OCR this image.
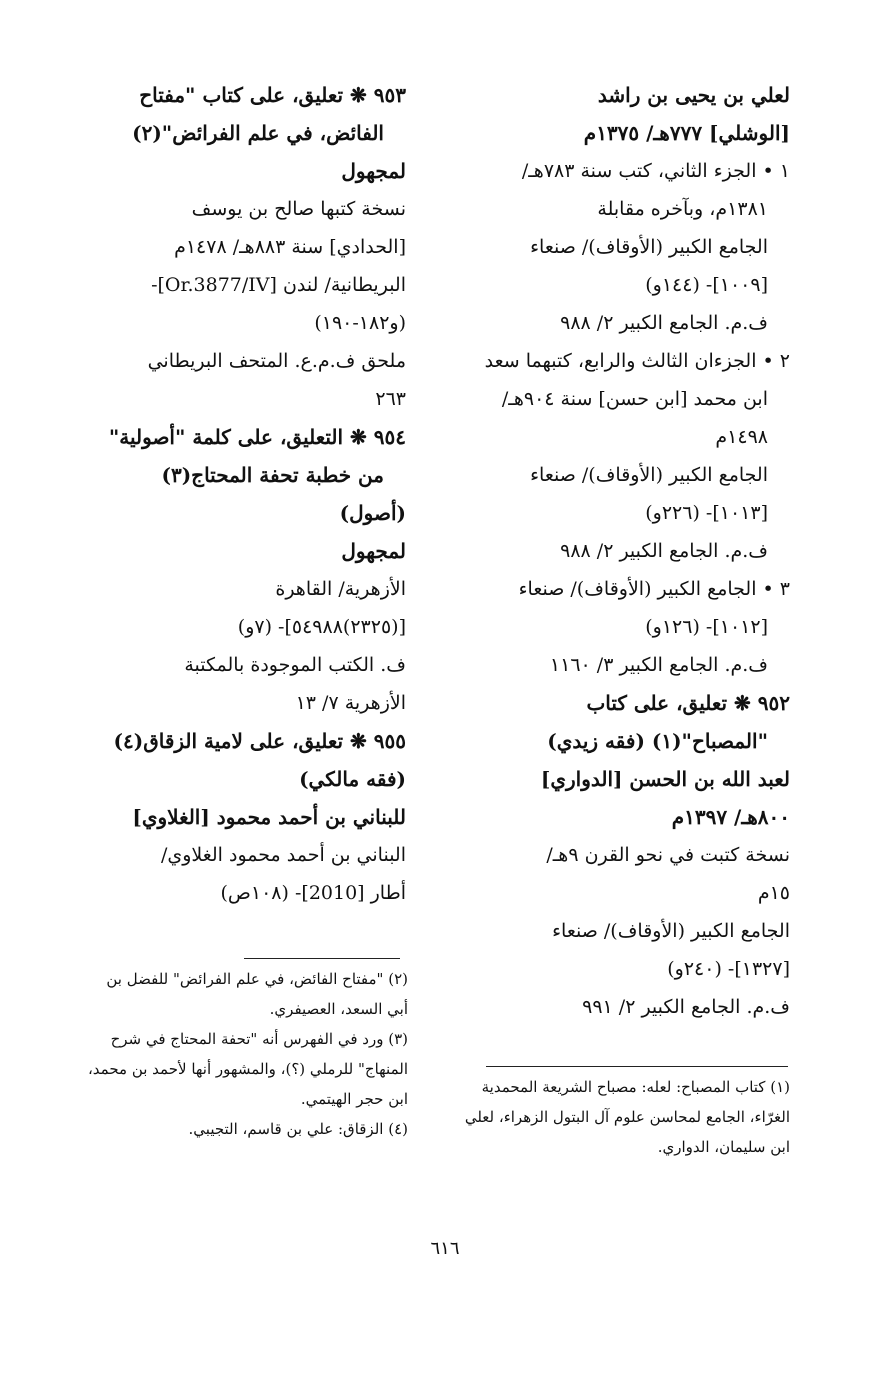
لعلي بن يحيى بن راشد
[الوشلي] ٧٧٧هـ/ ١٣٧٥م
١ • الجزء الثاني، كتب سنة ٧٨٣هـ/
١٣٨١م، وبآخره مقابلة
الجامع الكبير (الأوقاف)/ صنعاء
[١٠٠٩]- (١٤٤و)
ف.م. الجامع الكبير ٢/ ٩٨٨
٢ • الجزءان الثالث والرابع، كتبهما سعد
ابن محمد [ابن حسن] سنة ٩٠٤هـ/
١٤٩٨م
الجامع الكبير (الأوقاف)/ صنعاء
[١٠١٣]- (٢٢٦و)
ف.م. الجامع الكبير ٢/ ٩٨٨
٣ • الجامع الكبير (الأوقاف)/ صنعاء
[١٠١٢]- (١٢٦و)
ف.م. الجامع الكبير ٣/ ١١٦٠
٩٥٢ ❋ تعليق، على كتاب
"المصباح"(١) (فقه زيدي)
لعبد الله بن الحسن [الدواري]
٨٠٠هـ/ ١٣٩٧م
نسخة كتبت في نحو القرن ٩هـ/
١٥م
الجامع الكبير (الأوقاف)/ صنعاء
[١٣٢٧]- (٢٤٠و)
ف.م. الجامع الكبير ٢/ ٩٩١
٩٥٣ ❋ تعليق، على كتاب "مفتاح
الفائض، في علم الفرائض"(٢)
لمجهول
نسخة كتبها صالح بن يوسف
[الحدادي] سنة ٨٨٣هـ/ ١٤٧٨م
البريطانية/ لندن [Or.3877/IV]-
(و١٨٢-١٩٠)
ملحق ف.م.ع. المتحف البريطاني
٢٦٣
٩٥٤ ❋ التعليق، على كلمة "أصولية"
من خطبة تحفة المحتاج(٣)
(أصول)
لمجهول
الأزهرية/ القاهرة
[(٢٣٢٥)٥٤٩٨٨]- (٧و)
ف. الكتب الموجودة بالمكتبة
الأزهرية ٧/ ١٣
٩٥٥ ❋ تعليق، على لامية الزقاق(٤)
(فقه مالكي)
للبناني بن أحمد محمود [الغلاوي]
البناني بن أحمد محمود الغلاوي/
أطار [2010]- (١٠٨ص)
(٢) "مفتاح الفائض، في علم الفرائض" للفضل بن
أبي السعد، العصيفري.
(٣) ورد في الفهرس أنه "تحفة المحتاج في شرح
المنهاج" للرملي (؟)، والمشهور أنها لأحمد بن محمد،
ابن حجر الهيتمي.
(٤) الزقاق: علي بن قاسم، التجيبي.
(١) كتاب المصباح: لعله: مصباح الشريعة المحمدية
الغرّاء، الجامع لمحاسن علوم آل البتول الزهراء، لعلي
ابن سليمان، الدواري.
٦١٦
